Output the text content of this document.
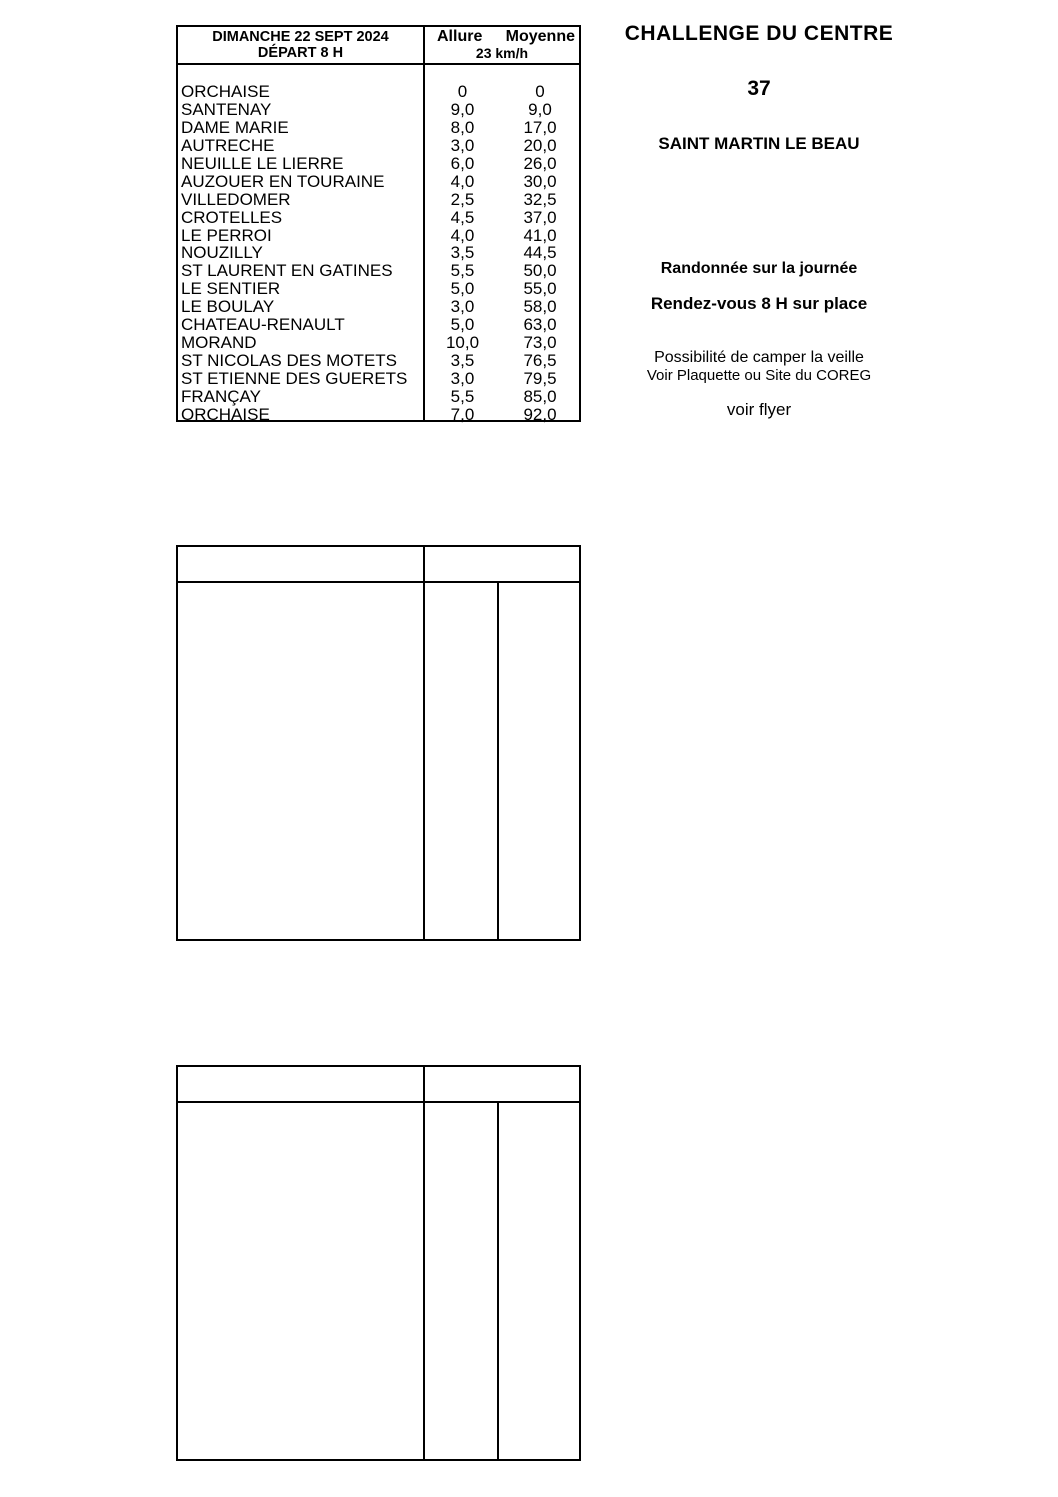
DIMANCHE 22 SEPT 2024
DÉPART 8 H
Allure Moyenne
23 km/h
ORCHAISE	0	0
SANTENAY	9,0	9,0
DAME MARIE	8,0	17,0
AUTRECHE	3,0	20,0
NEUILLE LE LIERRE	6,0	26,0
AUZOUER EN TOURAINE	4,0	30,0
VILLEDOMER	2,5	32,5
CROTELLES	4,5	37,0
LE PERROI	4,0	41,0
NOUZILLY	3,5	44,5
ST LAURENT EN GATINES	5,5	50,0
LE SENTIER	5,0	55,0
LE BOULAY	3,0	58,0
CHATEAU-RENAULT	5,0	63,0
MORAND	10,0	73,0
ST NICOLAS DES MOTETS	3,5	76,5
ST ETIENNE DES GUERETS	3,0	79,5
FRANÇAY	5,5	85,0
ORCHAISE	7,0	92,0
CHALLENGE DU CENTRE
37
SAINT MARTIN LE BEAU
Randonnée sur la journée
Rendez-vous 8 H sur place
Possibilité de camper la veille
Voir Plaquette ou Site du COREG
voir flyer
